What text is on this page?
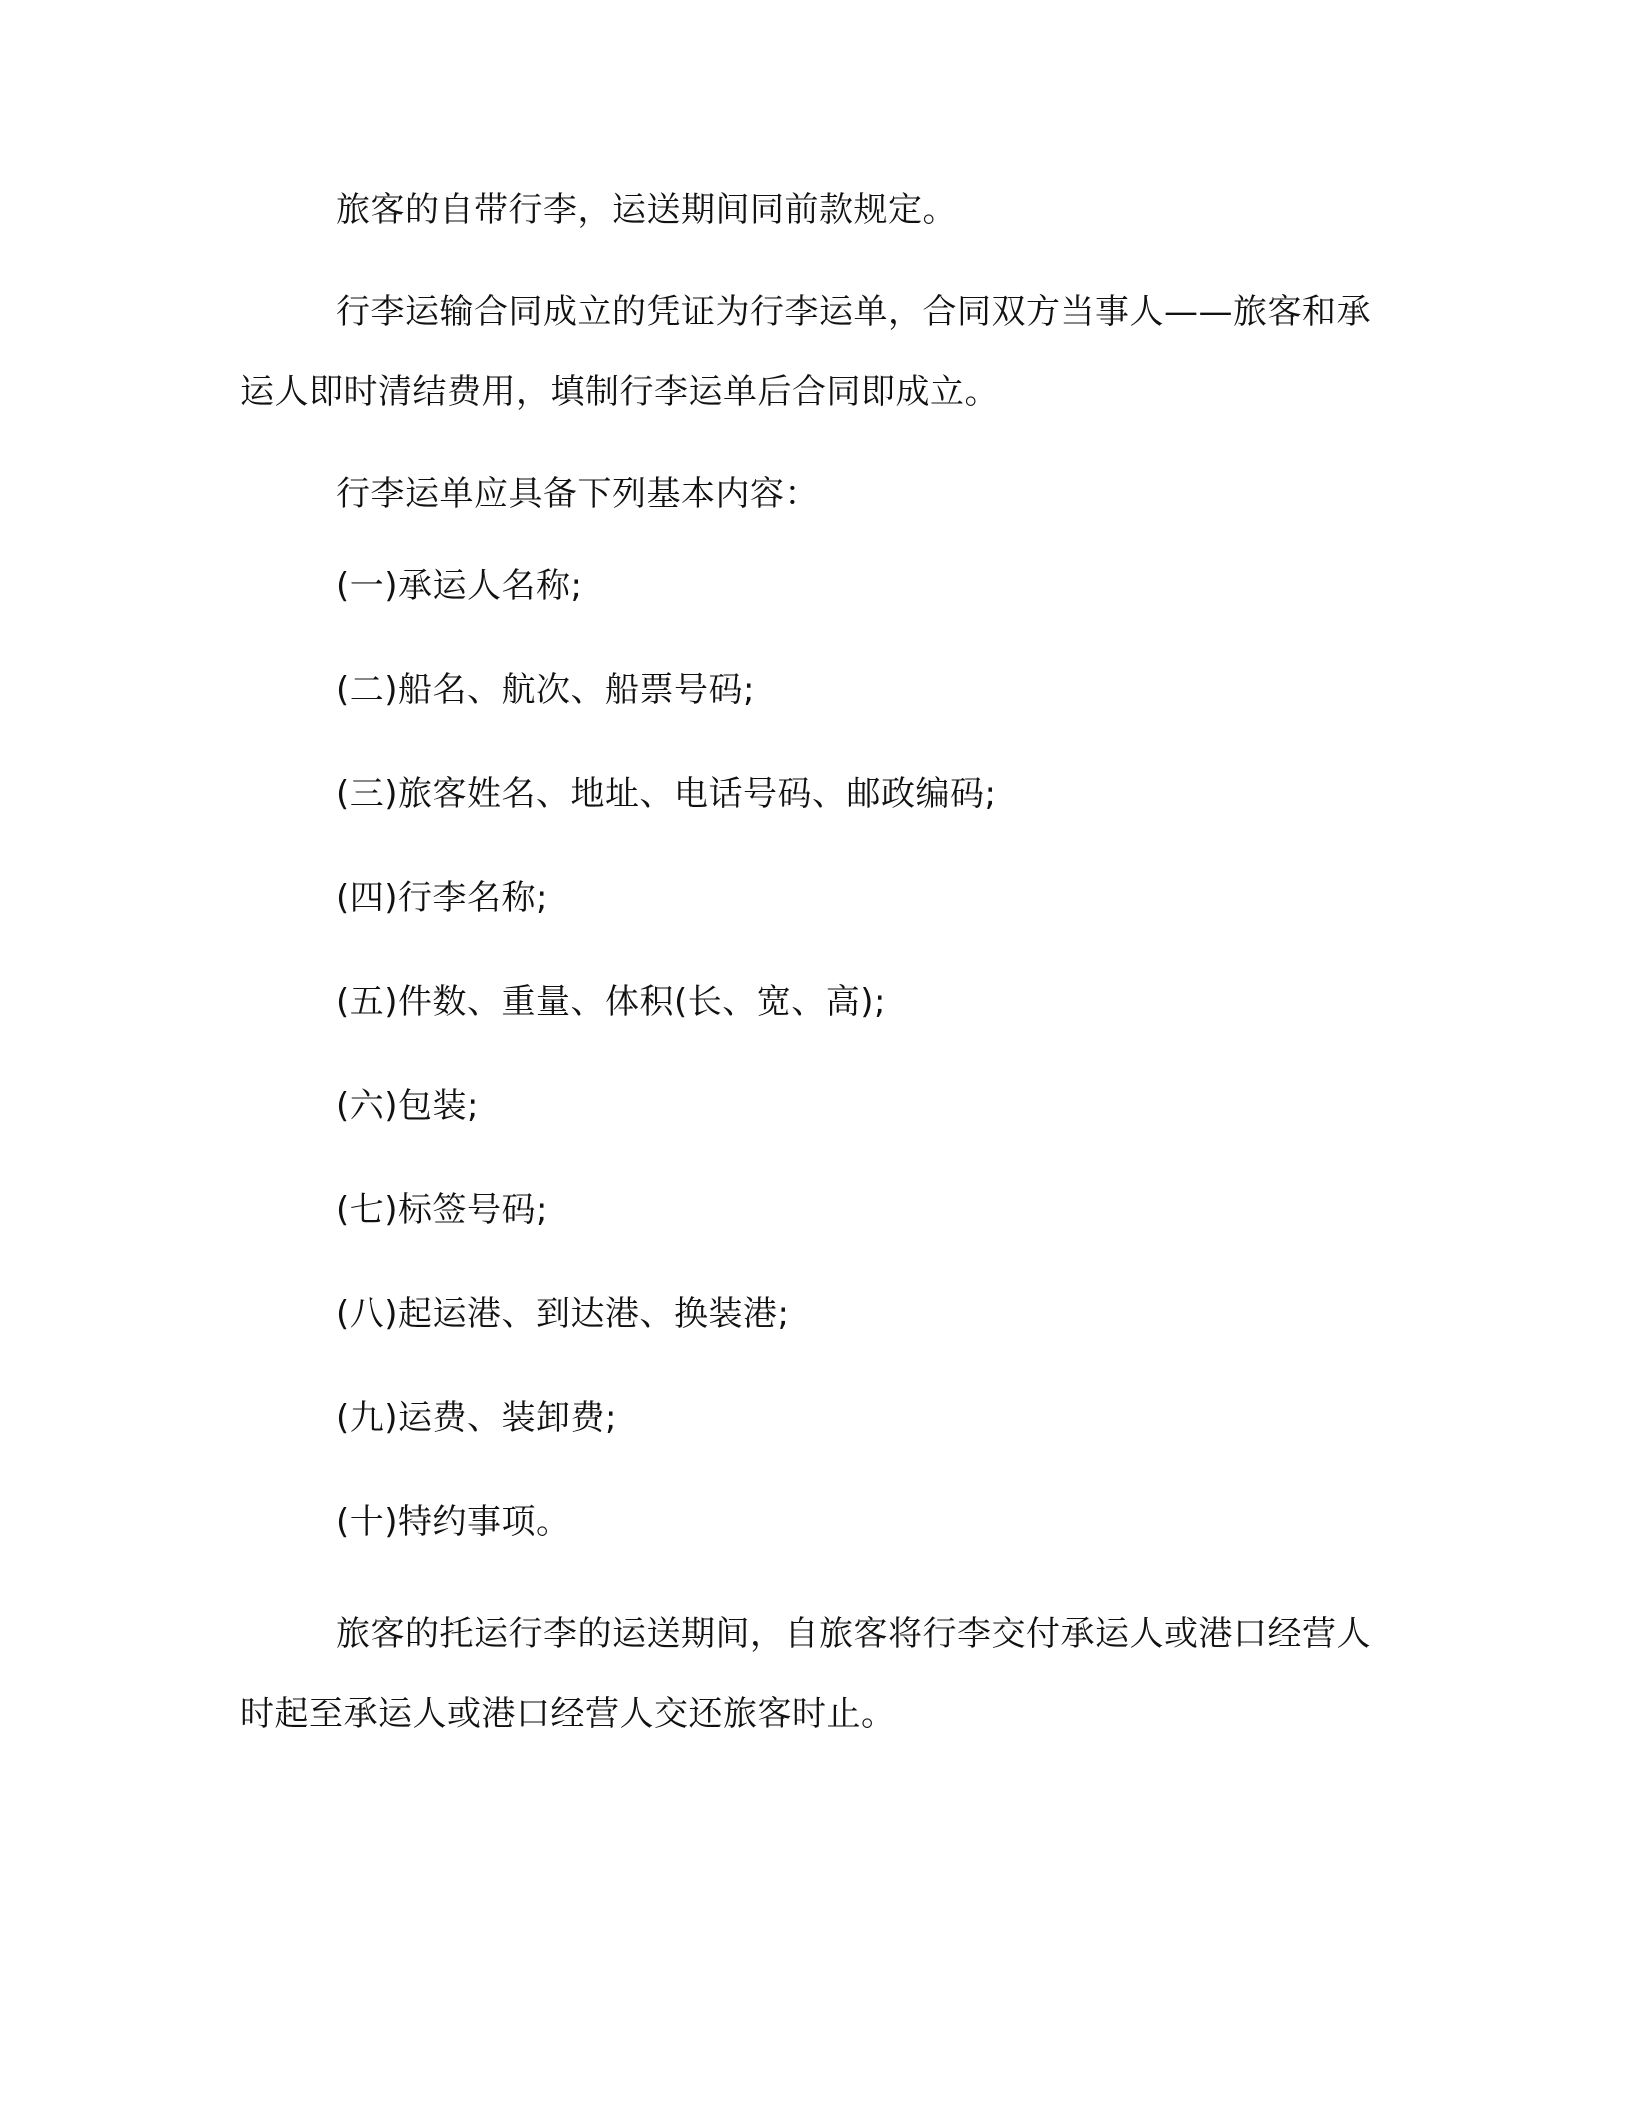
旅客的自带行李，运送期间同前款规定。

行李运输合同成立的凭证为行李运单，合同双方当事人——旅客和承运人即时清结费用，填制行李运单后合同即成立。

行李运单应具备下列基本内容：

(一)承运人名称;

(二)船名、航次、船票号码;

(三)旅客姓名、地址、电话号码、邮政编码;

(四)行李名称;

(五)件数、重量、体积(长、宽、高);

(六)包装;

(七)标签号码;

(八)起运港、到达港、换装港;

(九)运费、装卸费;

(十)特约事项。

旅客的托运行李的运送期间，自旅客将行李交付承运人或港口经营人时起至承运人或港口经营人交还旅客时止。
